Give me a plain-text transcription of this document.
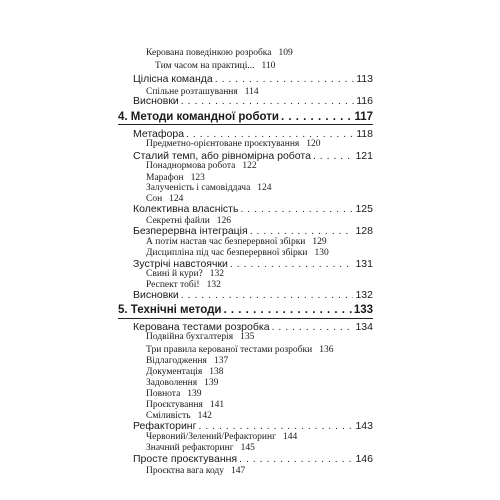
Керована поведінкою розробка 109
Тим часом на практиці... 110
Цілісна команда . . .	113
Спільне розташування 114
Висновки . . .	116
4. Методи командної роботи . . .	117
Метафора . . .	118
Предметно-орієнтоване проєктування 120
Сталий темп, або рівномірна робота . . .	121
Понаднормова робота 122
Марафон 123
Залученість і самовіддача 124
Сон 124
Колективна власність . . .	125
Секретні файли 126
Безперервна інтеграція . . .	128
А потім настав час безперервної збірки 129
Дисципліна під час безперервної збірки 130
Зустрічі навстоячки . . .	131
Свині й кури? 132
Респект тобі! 132
Висновки . . .	132
5. Технічні методи . . .	133
Керована тестами розробка . . .	134
Подвійна бухгалтерія 135
Три правила керованої тестами розробки 136
Відлагодження 137
Документація 138
Задоволення 139
Повнота 139
Проєктування 141
Сміливість 142
Рефакторинг . . .	143
Червоний/Зелений/Рефакторинг 144
Значний рефакторинг 145
Просте проєктування . . .	146
Проєктна вага коду 147
